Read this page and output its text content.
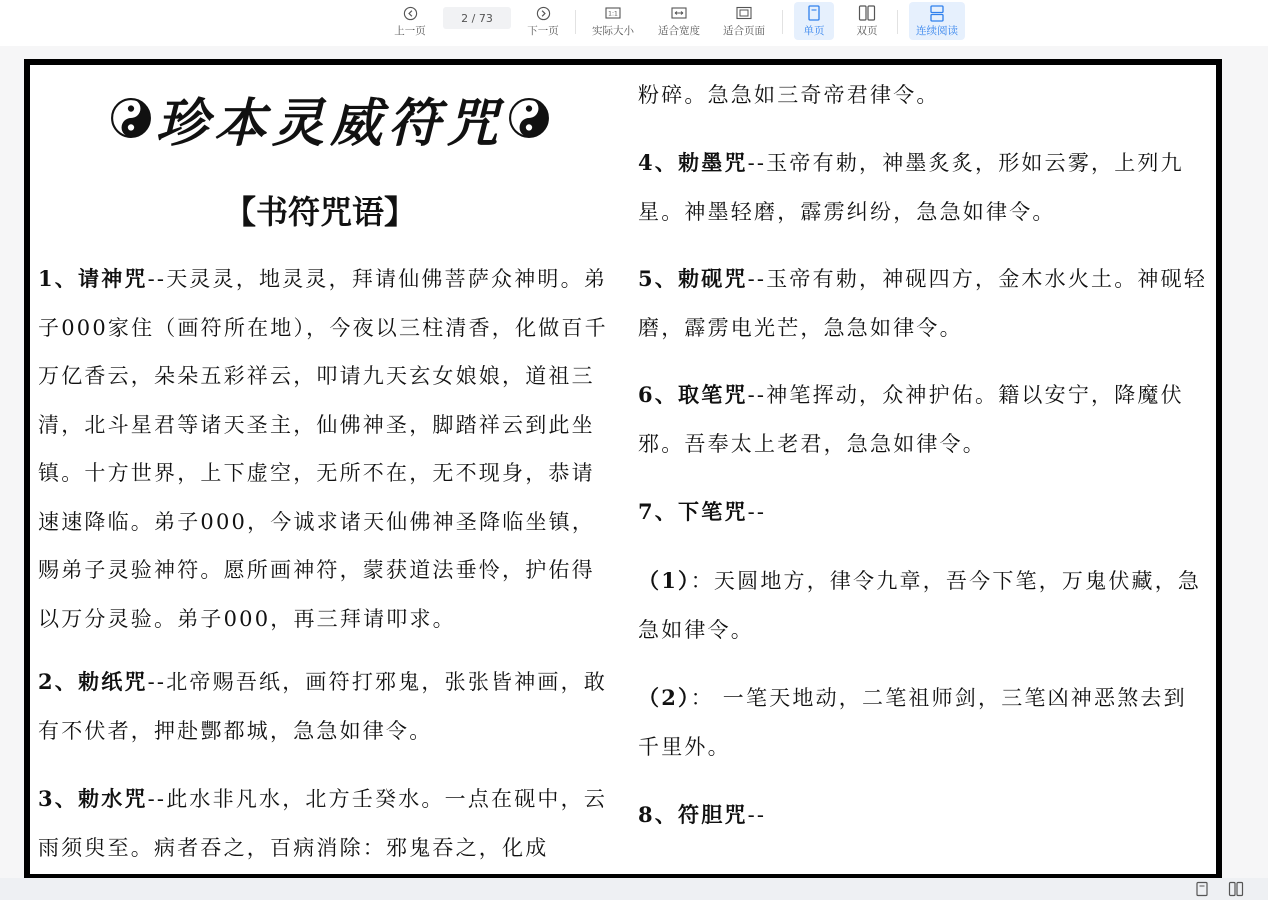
上一页
2 / 73
下一页
1:1
实际大小 适合宽度 适合页面	单页	双页	连续阅读
珍本灵威符咒
【书符咒语】
1、请神咒--天灵灵，地灵灵，拜请仙佛菩萨众神明。弟子000家住（画符所在地），今夜以三柱清香，化做百千万亿香云，朵朵五彩祥云，叩请九天玄女娘娘，道祖三清，北斗星君等诸天圣主，仙佛神圣，脚踏祥云到此坐镇。十方世界，上下虚空，无所不在，无不现身，恭请速速降临。弟子000，今诚求诸天仙佛神圣降临坐镇，赐弟子灵验神符。愿所画神符，蒙获道法垂怜，护佑得以万分灵验。弟子000，再三拜请叩求。
2、勅纸咒--北帝赐吾纸，画符打邪鬼，张张皆神画，敢有不伏者，押赴酆都城，急急如律令。
3、勅水咒--此水非凡水，北方壬癸水。一点在砚中，云雨须臾至。病者吞之，百病消除：邪鬼吞之，化成
粉碎。急急如三奇帝君律令。
4、勅墨咒--玉帝有勅，神墨炙炙，形如云雾，上列九星。神墨轻磨，霹雳纠纷，急急如律令。
5、勅砚咒--玉帝有勅，神砚四方，金木水火土。神砚轻磨，霹雳电光芒，急急如律令。
6、取笔咒--神笔挥动，众神护佑。籍以安宁，降魔伏邪。吾奉太上老君，急急如律令。
7、下笔咒--
（1）：天圆地方，律令九章，吾今下笔，万鬼伏藏，急急如律令。
（2）： 一笔天地动，二笔祖师剑，三笔凶神恶煞去到千里外。
8、符胆咒--
